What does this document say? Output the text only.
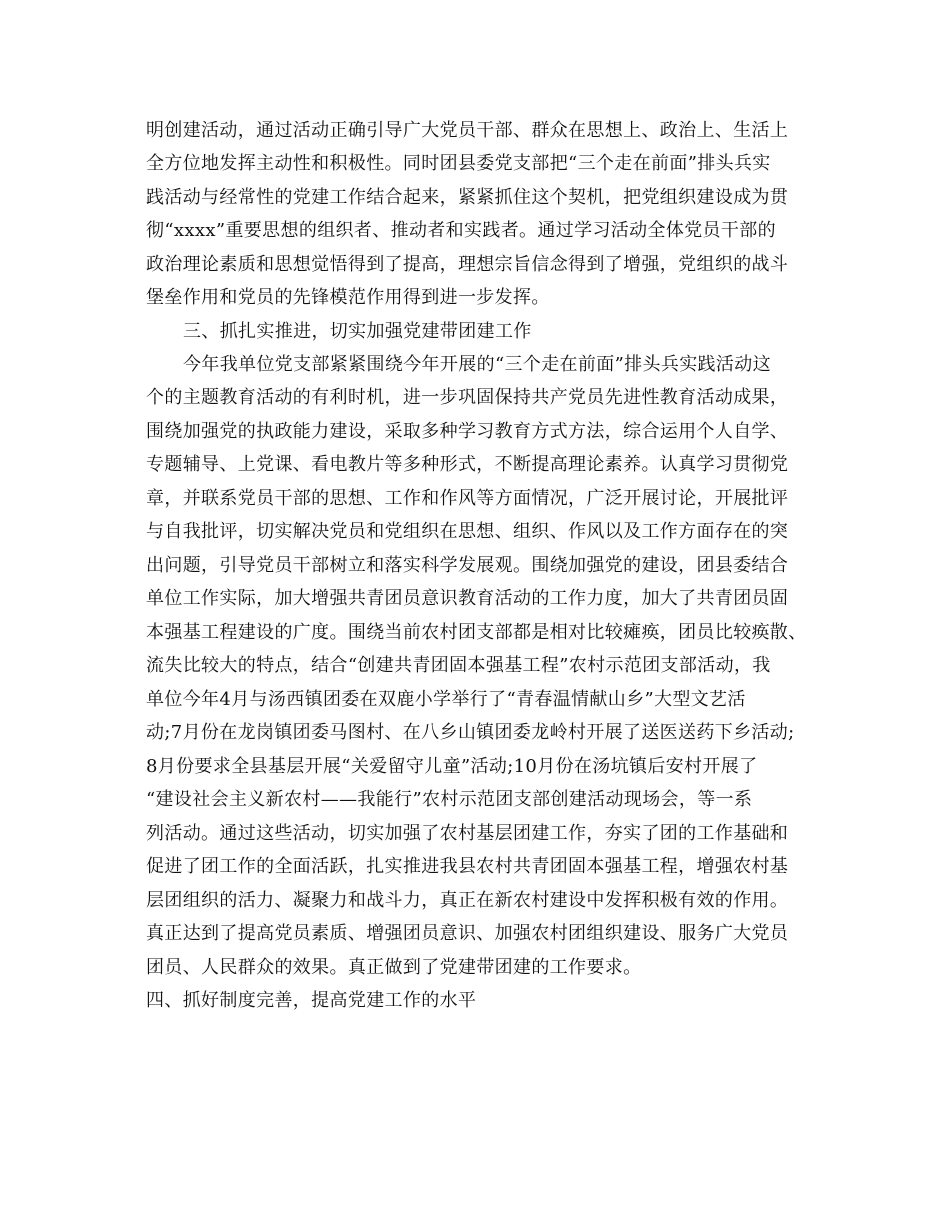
明创建活动，通过活动正确引导广大党员干部、群众在思想上、政治上、生活上
全方位地发挥主动性和积极性。同时团县委党支部把“三个走在前面”排头兵实
践活动与经常性的党建工作结合起来，紧紧抓住这个契机，把党组织建设成为贯
彻“xxxx”重要思想的组织者、推动者和实践者。通过学习活动全体党员干部的
政治理论素质和思想觉悟得到了提高，理想宗旨信念得到了增强，党组织的战斗
堡垒作用和党员的先锋模范作用得到进一步发挥。
三、抓扎实推进，切实加强党建带团建工作
今年我单位党支部紧紧围绕今年开展的“三个走在前面”排头兵实践活动这
个的主题教育活动的有利时机，进一步巩固保持共产党员先进性教育活动成果，
围绕加强党的执政能力建设，采取多种学习教育方式方法，综合运用个人自学、
专题辅导、上党课、看电教片等多种形式，不断提高理论素养。认真学习贯彻党
章，并联系党员干部的思想、工作和作风等方面情况，广泛开展讨论，开展批评
与自我批评，切实解决党员和党组织在思想、组织、作风以及工作方面存在的突
出问题，引导党员干部树立和落实科学发展观。围绕加强党的建设，团县委结合
单位工作实际，加大增强共青团员意识教育活动的工作力度，加大了共青团员固
本强基工程建设的广度。围绕当前农村团支部都是相对比较瘫痪，团员比较痪散、
流失比较大的特点，结合“创建共青团固本强基工程”农村示范团支部活动，我
单位今年4月与汤西镇团委在双鹿小学举行了“青春温情献山乡”大型文艺活
动;7月份在龙岗镇团委马图村、在八乡山镇团委龙岭村开展了送医送药下乡活动;
8月份要求全县基层开展“关爱留守儿童”活动;10月份在汤坑镇后安村开展了
“建设社会主义新农村——我能行”农村示范团支部创建活动现场会，等一系
列活动。通过这些活动，切实加强了农村基层团建工作，夯实了团的工作基础和
促进了团工作的全面活跃，扎实推进我县农村共青团固本强基工程，增强农村基
层团组织的活力、凝聚力和战斗力，真正在新农村建设中发挥积极有效的作用。
真正达到了提高党员素质、增强团员意识、加强农村团组织建设、服务广大党员
团员、人民群众的效果。真正做到了党建带团建的工作要求。
四、抓好制度完善，提高党建工作的水平
